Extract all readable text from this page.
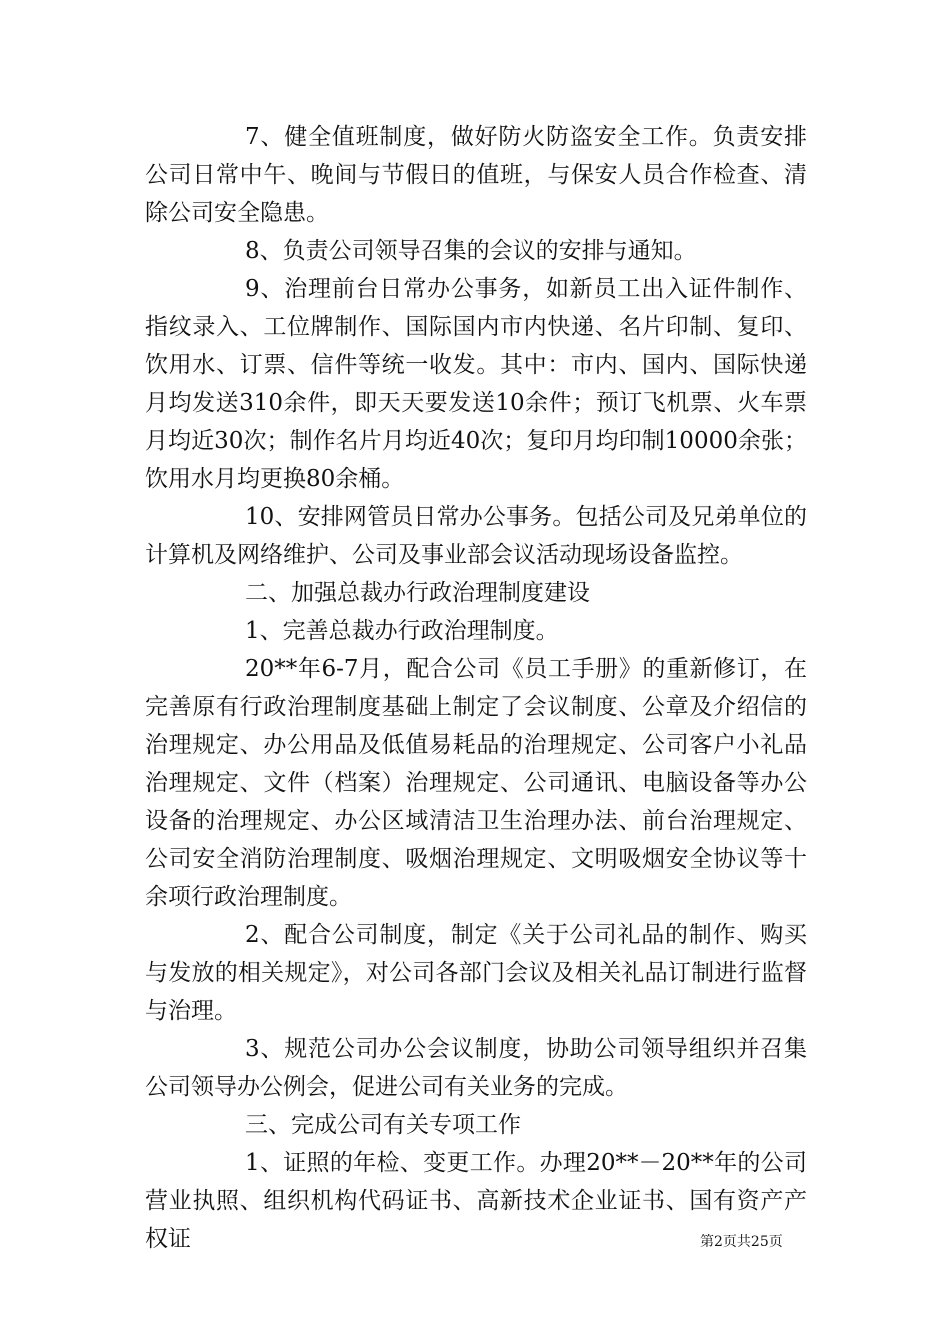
7、健全值班制度，做好防火防盗安全工作。负责安排公司日常中午、晚间与节假日的值班，与保安人员合作检查、清除公司安全隐患。

8、负责公司领导召集的会议的安排与通知。

9、治理前台日常办公事务，如新员工出入证件制作、指纹录入、工位牌制作、国际国内市内快递、名片印制、复印、饮用水、订票、信件等统一收发。其中：市内、国内、国际快递月均发送310余件，即天天要发送10余件；预订飞机票、火车票月均近30次；制作名片月均近40次；复印月均印制10000余张；饮用水月均更换80余桶。

10、安排网管员日常办公事务。包括公司及兄弟单位的计算机及网络维护、公司及事业部会议活动现场设备监控。

二、加强总裁办行政治理制度建设

1、完善总裁办行政治理制度。

20**年6-7月，配合公司《员工手册》的重新修订，在完善原有行政治理制度基础上制定了会议制度、公章及介绍信的治理规定、办公用品及低值易耗品的治理规定、公司客户小礼品治理规定、文件（档案）治理规定、公司通讯、电脑设备等办公设备的治理规定、办公区域清洁卫生治理办法、前台治理规定、公司安全消防治理制度、吸烟治理规定、文明吸烟安全协议等十余项行政治理制度。

2、配合公司制度，制定《关于公司礼品的制作、购买与发放的相关规定》，对公司各部门会议及相关礼品订制进行监督与治理。

3、规范公司办公会议制度，协助公司领导组织并召集公司领导办公例会，促进公司有关业务的完成。

三、完成公司有关专项工作

1、证照的年检、变更工作。办理20**－20**年的公司营业执照、组织机构代码证书、高新技术企业证书、国有资产产权证	第2页共25页
